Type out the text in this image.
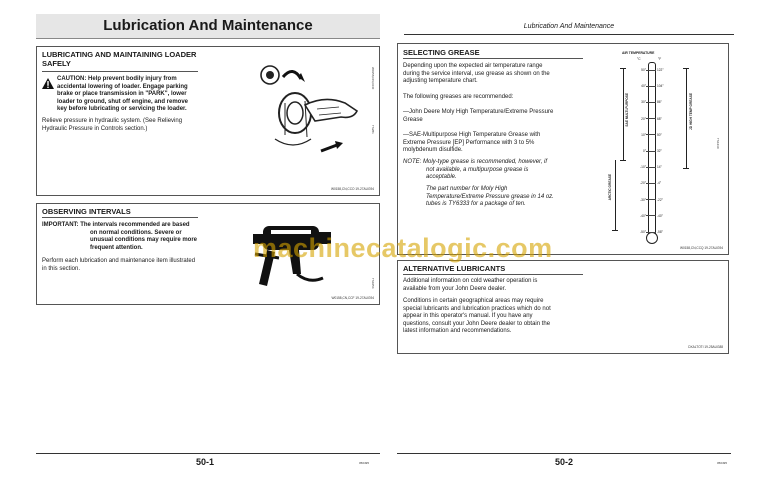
Lubrication And Maintenance
LUBRICATING AND MAINTAINING LOADER
SAFELY
CAUTION: Help prevent bodily injury from
accidental lowering of loader. Engage parking
brake or place transmission in "PARK", lower
loader to ground, shut off engine, and remove
key before lubricating or servicing the loader.
Relieve pressure in hydraulic system. (See Relieving
Hydraulic Pressure in Controls section.)
W0158,CN,CCO
TS281
W0158,CN,CCO 19-27AUG94
OBSERVING INTERVALS
IMPORTANT: The intervals recommended are based
on normal conditions. Severe or
unusual conditions may require more
frequent attention.
Perform each lubrication and maintenance item illustrated
in this section.
TS1054
W0158,CN,CCF 19-27AUG94
50-1	050495
Lubrication And Maintenance
SELECTING GREASE
Depending upon the expected air temperature range
during the service interval, use grease as shown on the
adjusting temperature chart.
The following greases are recommended:
—John Deere Moly High Temperature/Extreme Pressure
Grease
—SAE-Multipurpose High Temperature Grease with
Extreme Pressure [EP] Performance with 3 to 5%
molybdenum disulfide.
NOTE: Moly-type grease is recommended, however, if
not available, a multipurpose grease is
acceptable.
The part number for Moly High
Temperature/Extreme Pressure grease in 14 oz.
tubes is TY6333 for a package of ten.
AIR TEMPERATURE
°C	°F
50°	122°
40°	104°
30°	86°
20°	68°
10°	50°
0°	32°
-10°	14°
-20°	-4°
-30°	-22°
-40°	-40°
-50°	-58°
SAE MULTI-PURPOSE
ARCTIC GREASE
JD HIGH TEMP GREASE
TS1230
W0158,CN,CCQ 19-27AUG94
ALTERNATIVE LUBRICANTS
Additional information on cold weather operation is
available from your John Deere dealer.
Conditions in certain geographical areas may require
special lubricants and lubrication practices which do not
appear in this operator's manual. If you have any
questions, consult your John Deere dealer to obtain the
latest information and recommendations.
DXALTOTI 19-25AUG88
50-2	050495
machinecatalogic.com
